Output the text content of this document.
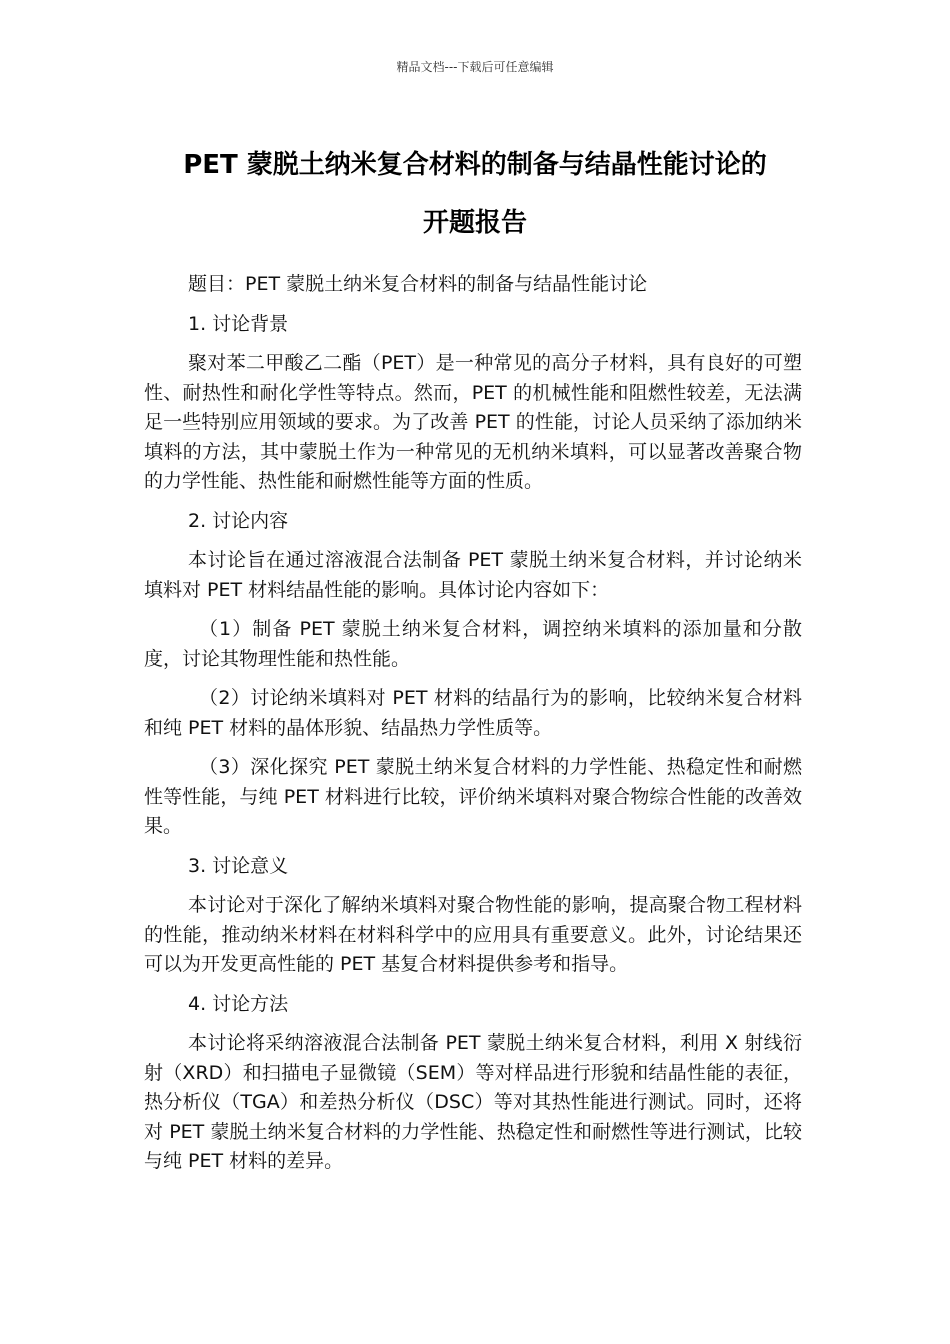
精品文档---下载后可任意编辑
PET 蒙脱土纳米复合材料的制备与结晶性能讨论的
开题报告

题目：PET 蒙脱土纳米复合材料的制备与结晶性能讨论

1. 讨论背景

聚对苯二甲酸乙二酯（PET）是一种常见的高分子材料，具有良好的可塑性、耐热性和耐化学性等特点。然而，PET 的机械性能和阻燃性较差，无法满足一些特别应用领域的要求。为了改善 PET 的性能，讨论人员采纳了添加纳米填料的方法，其中蒙脱土作为一种常见的无机纳米填料，可以显著改善聚合物的力学性能、热性能和耐燃性能等方面的性质。

2. 讨论内容

本讨论旨在通过溶液混合法制备 PET 蒙脱土纳米复合材料，并讨论纳米填料对 PET 材料结晶性能的影响。具体讨论内容如下：

（1）制备 PET 蒙脱土纳米复合材料，调控纳米填料的添加量和分散度，讨论其物理性能和热性能。

（2）讨论纳米填料对 PET 材料的结晶行为的影响，比较纳米复合材料和纯 PET 材料的晶体形貌、结晶热力学性质等。

（3）深化探究 PET 蒙脱土纳米复合材料的力学性能、热稳定性和耐燃性等性能，与纯 PET 材料进行比较，评价纳米填料对聚合物综合性能的改善效果。

3. 讨论意义

本讨论对于深化了解纳米填料对聚合物性能的影响，提高聚合物工程材料的性能，推动纳米材料在材料科学中的应用具有重要意义。此外，讨论结果还可以为开发更高性能的 PET 基复合材料提供参考和指导。

4. 讨论方法

本讨论将采纳溶液混合法制备 PET 蒙脱土纳米复合材料，利用 X 射线衍射（XRD）和扫描电子显微镜（SEM）等对样品进行形貌和结晶性能的表征，热分析仪（TGA）和差热分析仪（DSC）等对其热性能进行测试。同时，还将对 PET 蒙脱土纳米复合材料的力学性能、热稳定性和耐燃性等进行测试，比较与纯 PET 材料的差异。
